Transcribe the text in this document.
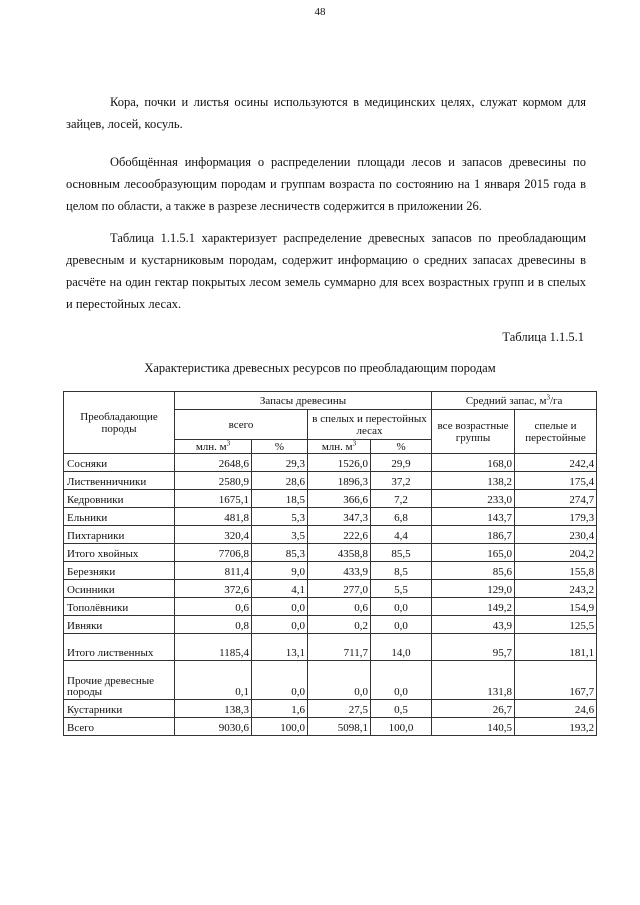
48

Кора, почки и листья осины используются в медицинских целях, служат кормом для зайцев, лосей, косуль.

Обобщённая информация о распределении площади лесов и запасов древесины по основным лесообразующим породам и группам возраста по состоянию на 1 января 2015 года в целом по области, а также в разрезе лесничеств содержится в приложении 26.

Таблица 1.1.5.1 характеризует распределение древесных запасов по преобладающим древесным и кустарниковым породам, содержит информацию о средних запасах древесины в расчёте на один гектар покрытых лесом земель суммарно для всех возрастных групп и в спелых и перестойных лесах.

Таблица 1.1.5.1
Характеристика древесных ресурсов по преобладающим породам
Преобладающие породы	Запасы древесины				Средний запас, $м^3/га$	
	всего		в спелых и перестойных лесах		все возрастные группы	спелые и перестойные
	млн. $м^3$	%	млн. $м^3$	%		
Сосняки	2648,6	29,3	1526,0	29,9	168,0	242,4
Лиственничники	2580,9	28,6	1896,3	37,2	138,2	175,4
Кедровники	1675,1	18,5	366,6	7,2	233,0	274,7
Ельники	481,8	5,3	347,3	6,8	143,7	179,3
Пихтарники	320,4	3,5	222,6	4,4	186,7	230,4
Итого хвойных	7706,8	85,3	4358,8	85,5	165,0	204,2
Березняки	811,4	9,0	433,9	8,5	85,6	155,8
Осинники	372,6	4,1	277,0	5,5	129,0	243,2
Тополёвники	0,6	0,0	0,6	0,0	149,2	154,9
Ивняки	0,8	0,0	0,2	0,0	43,9	125,5
Итого лиственных	1185,4	13,1	711,7	14,0	95,7	181,1
Прочие древесные породы	0,1	0,0	0,0	0,0	131,8	167,7
Кустарники	138,3	1,6	27,5	0,5	26,7	24,6
Всего	9030,6	100,0	5098,1	100,0	140,5	193,2
